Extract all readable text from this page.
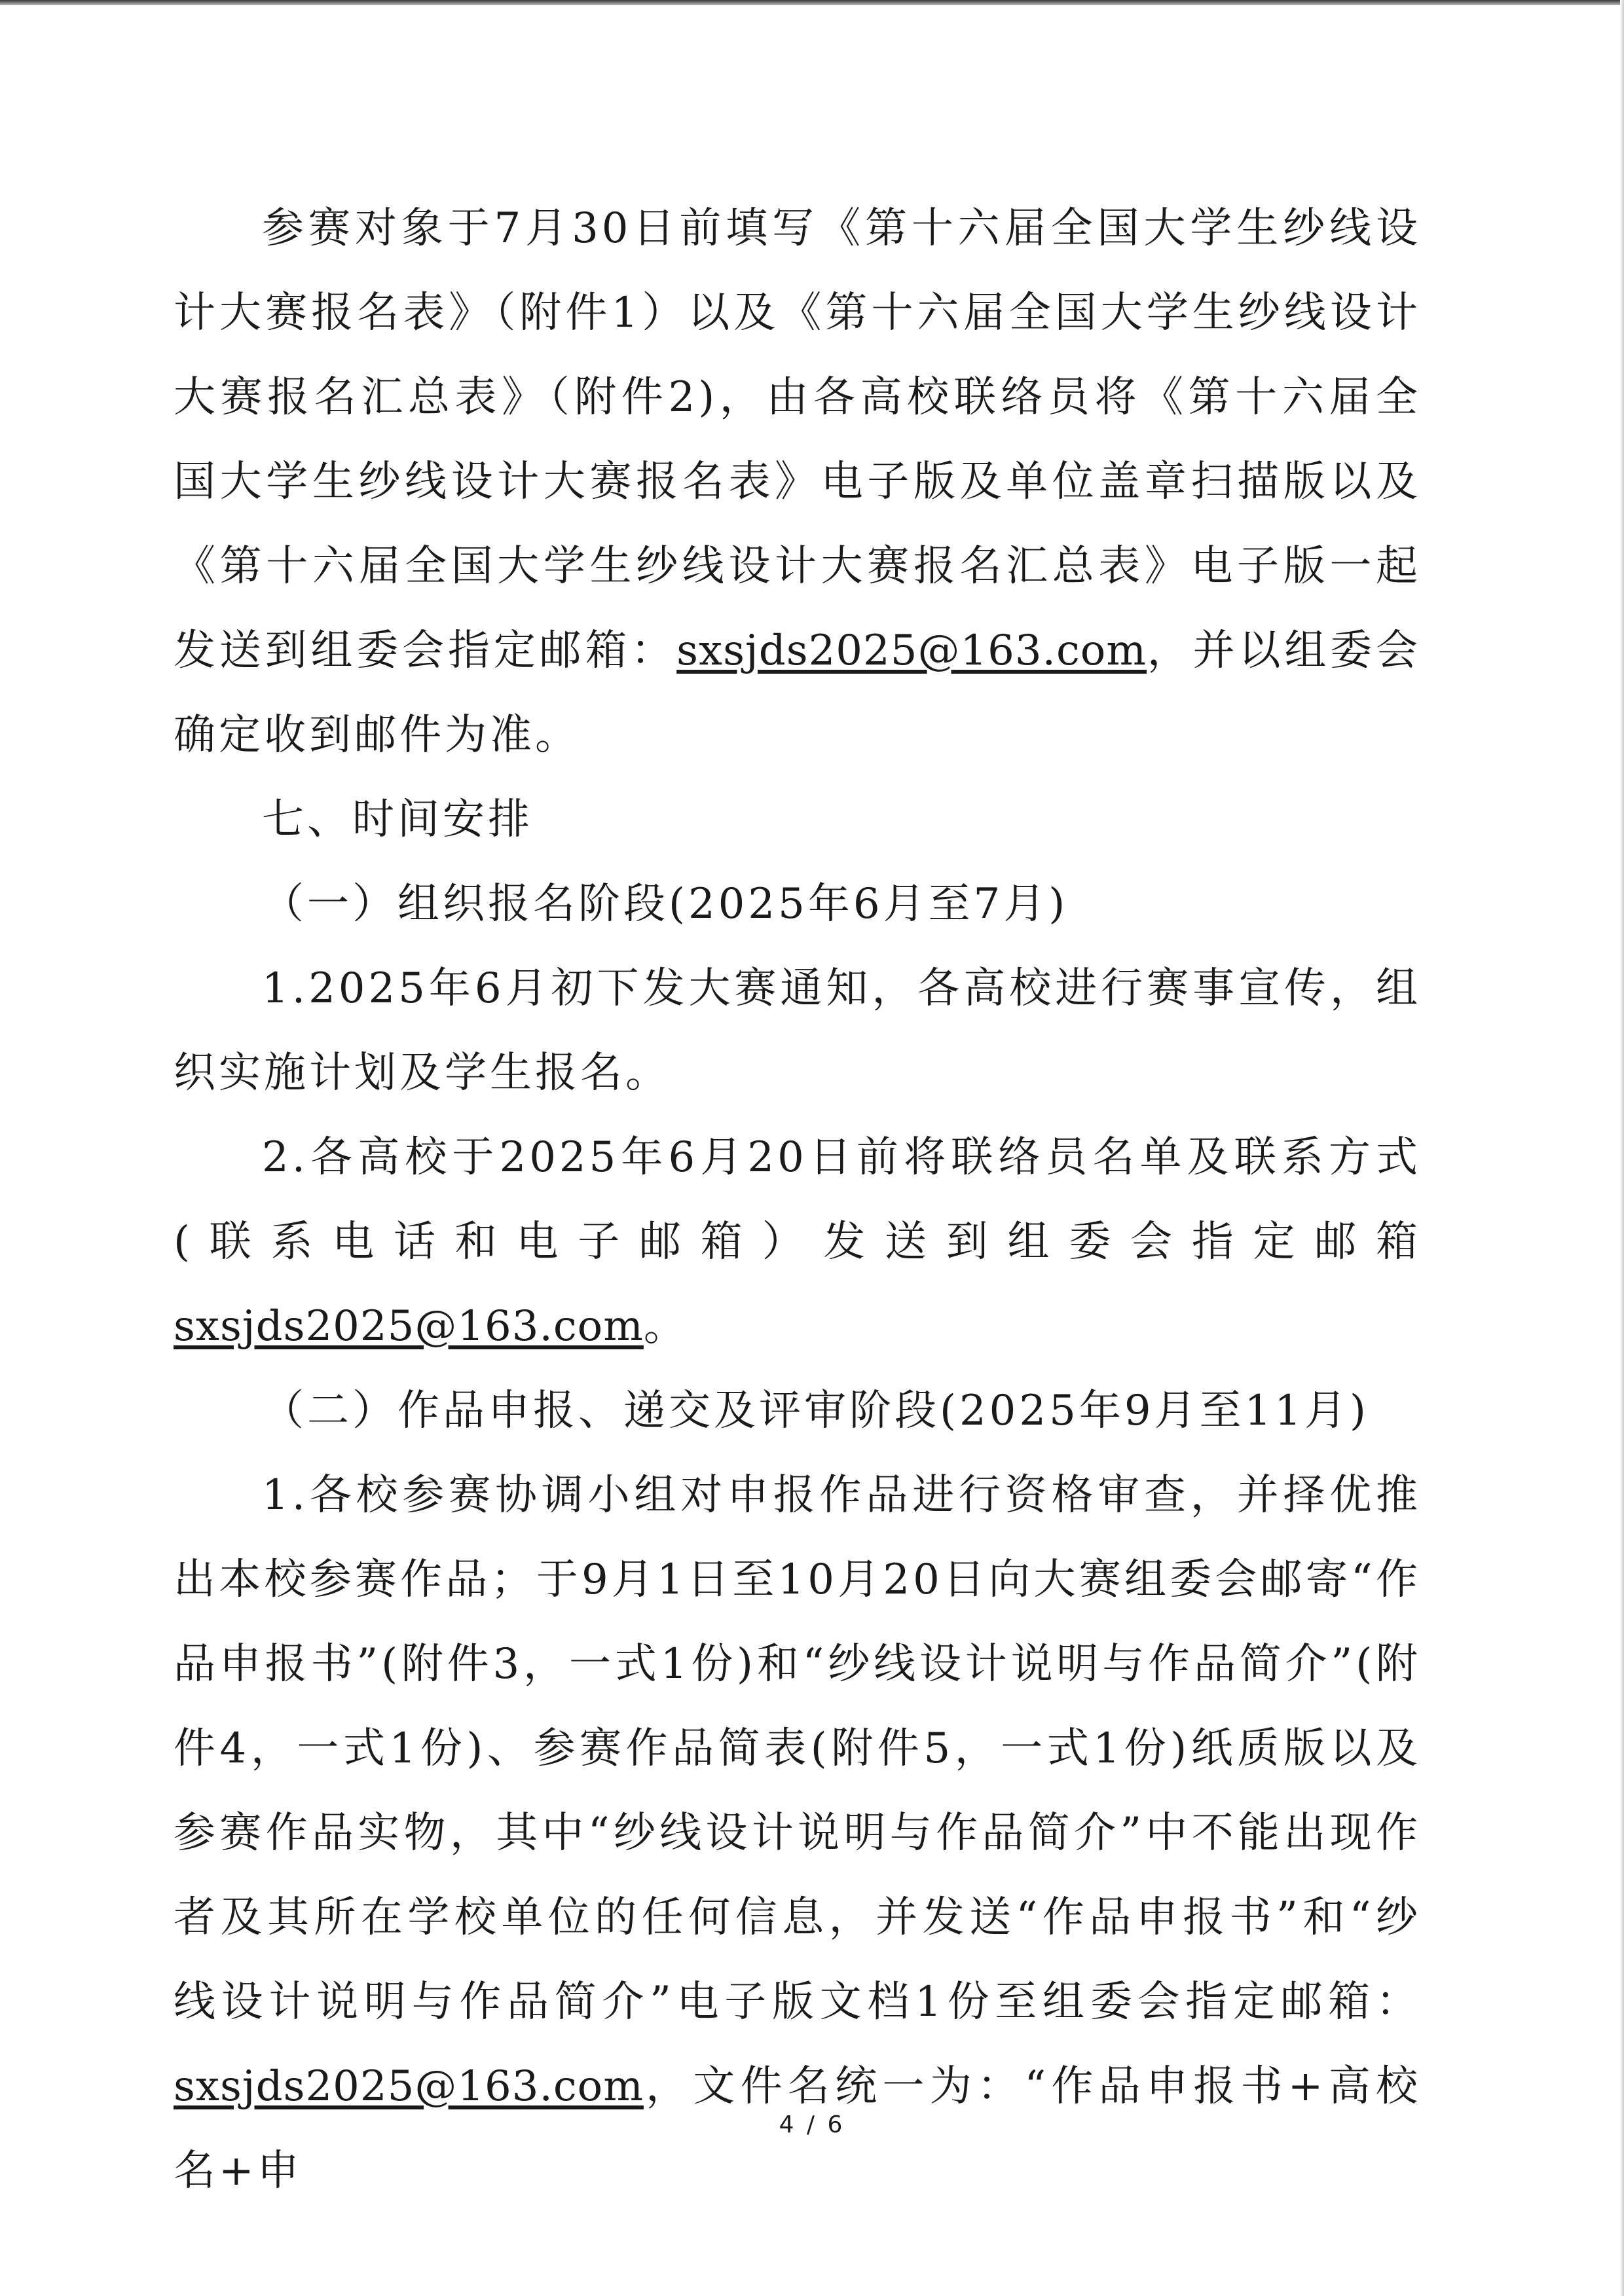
参赛对象于7月30日前填写《第十六届全国大学生纱线设计大赛报名表》（附件1）以及《第十六届全国大学生纱线设计大赛报名汇总表》（附件2)，由各高校联络员将《第十六届全国大学生纱线设计大赛报名表》电子版及单位盖章扫描版以及《第十六届全国大学生纱线设计大赛报名汇总表》电子版一起发送到组委会指定邮箱：sxsjds2025@163.com，并以组委会确定收到邮件为准。

七、时间安排

（一）组织报名阶段(2025年6月至7月)

1.2025年6月初下发大赛通知，各高校进行赛事宣传，组织实施计划及学生报名。

2.各高校于2025年6月20日前将联络员名单及联系方式(联系电话和电子邮箱）发送到组委会指定邮箱sxsjds2025@163.com。

（二）作品申报、递交及评审阶段(2025年9月至11月)

1.各校参赛协调小组对申报作品进行资格审查，并择优推出本校参赛作品；于9月1日至10月20日向大赛组委会邮寄“作品申报书”(附件3，一式1份)和“纱线设计说明与作品简介”(附件4，一式1份)、参赛作品简表(附件5，一式1份)纸质版以及参赛作品实物，其中“纱线设计说明与作品简介”中不能出现作者及其所在学校单位的任何信息，并发送“作品申报书”和“纱线设计说明与作品简介”电子版文档1份至组委会指定邮箱：sxsjds2025@163.com，文件名统一为：“作品申报书+高校名+申

4 / 6
